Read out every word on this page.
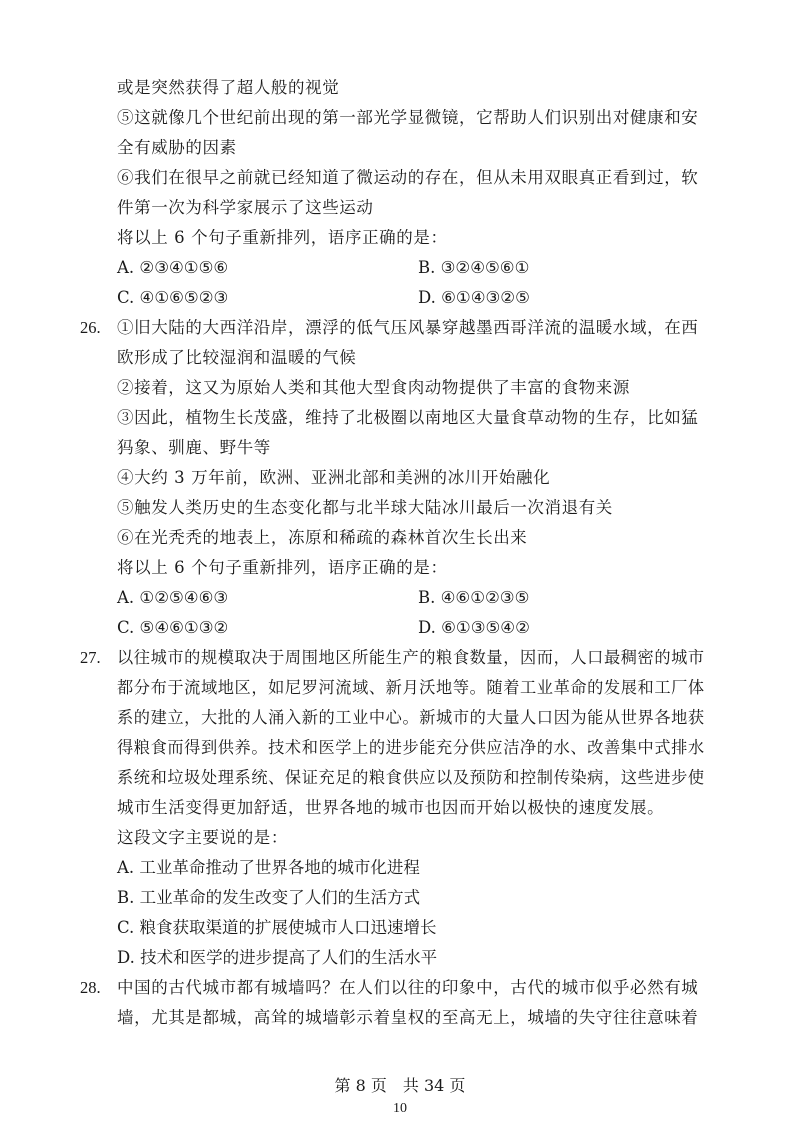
或是突然获得了超人般的视觉
⑤这就像几个世纪前出现的第一部光学显微镜，它帮助人们识别出对健康和安
全有威胁的因素
⑥我们在很早之前就已经知道了微运动的存在，但从未用双眼真正看到过，软
件第一次为科学家展示了这些运动
将以上 6 个句子重新排列，语序正确的是：
A. ②③④①⑤⑥	B. ③②④⑤⑥①
C. ④①⑥⑤②③	D. ⑥①④③②⑤
26. ①旧大陆的大西洋沿岸，漂浮的低气压风暴穿越墨西哥洋流的温暖水域，在西
欧形成了比较湿润和温暖的气候
②接着，这又为原始人类和其他大型食肉动物提供了丰富的食物来源
③因此，植物生长茂盛，维持了北极圈以南地区大量食草动物的生存，比如猛
犸象、驯鹿、野牛等
④大约 3 万年前，欧洲、亚洲北部和美洲的冰川开始融化
⑤触发人类历史的生态变化都与北半球大陆冰川最后一次消退有关
⑥在光秃秃的地表上，冻原和稀疏的森林首次生长出来
将以上 6 个句子重新排列，语序正确的是：
A. ①②⑤④⑥③	B. ④⑥①②③⑤
C. ⑤④⑥①③②	D. ⑥①③⑤④②
27. 以往城市的规模取决于周围地区所能生产的粮食数量，因而，人口最稠密的城市
都分布于流域地区，如尼罗河流域、新月沃地等。随着工业革命的发展和工厂体
系的建立，大批的人涌入新的工业中心。新城市的大量人口因为能从世界各地获
得粮食而得到供养。技术和医学上的进步能充分供应洁净的水、改善集中式排水
系统和垃圾处理系统、保证充足的粮食供应以及预防和控制传染病，这些进步使
城市生活变得更加舒适，世界各地的城市也因而开始以极快的速度发展。
这段文字主要说的是：
A. 工业革命推动了世界各地的城市化进程
B. 工业革命的发生改变了人们的生活方式
C. 粮食获取渠道的扩展使城市人口迅速增长
D. 技术和医学的进步提高了人们的生活水平
28. 中国的古代城市都有城墙吗？在人们以往的印象中，古代的城市似乎必然有城
墙，尤其是都城，高耸的城墙彰示着皇权的至高无上，城墙的失守往往意味着
第 8 页　共 34 页
10
